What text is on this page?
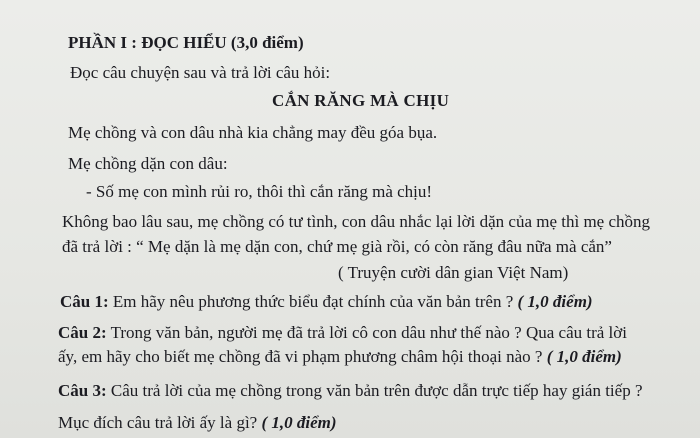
PHẦN I : ĐỌC HIỂU (3,0 điểm)
Đọc câu chuyện sau và trả lời câu hỏi:
CẮN RĂNG MÀ CHỊU
Mẹ chồng và con dâu nhà kia chẳng may đều góa bụa.
Mẹ chồng dặn con dâu:
- Số mẹ con mình rủi ro, thôi thì cắn răng mà chịu!
Không bao lâu sau, mẹ chồng có tư tình, con dâu nhắc lại lời dặn của mẹ thì mẹ chồng
đã trả lời : “ Mẹ dặn là mẹ dặn con, chứ mẹ già rồi, có còn răng đâu nữa mà cắn”
( Truyện cười dân gian Việt Nam)
Câu 1: Em hãy nêu phương thức biểu đạt chính của văn bản trên ? ( 1,0 điểm)
Câu 2: Trong văn bản, người mẹ đã trả lời cô con dâu như thế nào ? Qua câu trả lời
ấy, em hãy cho biết mẹ chồng đã vi phạm phương châm hội thoại nào ? ( 1,0 điểm)
Câu 3: Câu trả lời của mẹ chồng trong văn bản trên được dẫn trực tiếp hay gián tiếp ?
Mục đích câu trả lời ấy là gì? ( 1,0 điểm)
